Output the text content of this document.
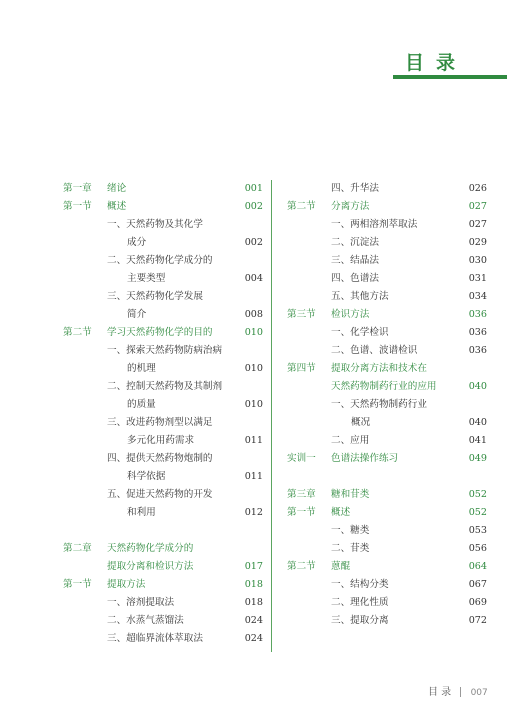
目录
第一章 绪论	001
第一节 概述	002
一、天然药物及其化学
成分	002
二、天然药物化学成分的
主要类型	004
三、天然药物化学发展
简介	008
第二节 学习天然药物化学的目的	010
一、探索天然药物防病治病
的机理	010
二、控制天然药物及其制剂
的质量	010
三、改进药物剂型以满足
多元化用药需求	011
四、提供天然药物炮制的
科学依据	011
五、促进天然药物的开发
和利用	012
第二章 天然药物化学成分的
提取分离和检识方法	017
第一节 提取方法	018
一、溶剂提取法	018
二、水蒸气蒸馏法	024
三、超临界流体萃取法	024
四、升华法	026
第二节 分离方法	027
一、两相溶剂萃取法	027
二、沉淀法	029
三、结晶法	030
四、色谱法	031
五、其他方法	034
第三节 检识方法	036
一、化学检识	036
二、色谱、波谱检识	036
第四节 提取分离方法和技术在
天然药物制药行业的应用	040
一、天然药物制药行业
概况	040
二、应用	041
实训一 色谱法操作练习	049
第三章 糖和苷类	052
第一节 概述	052
一、糖类	053
二、苷类	056
第二节 蒽醌	064
一、结构分类	067
二、理化性质	069
三、提取分离	072
目 录 007
